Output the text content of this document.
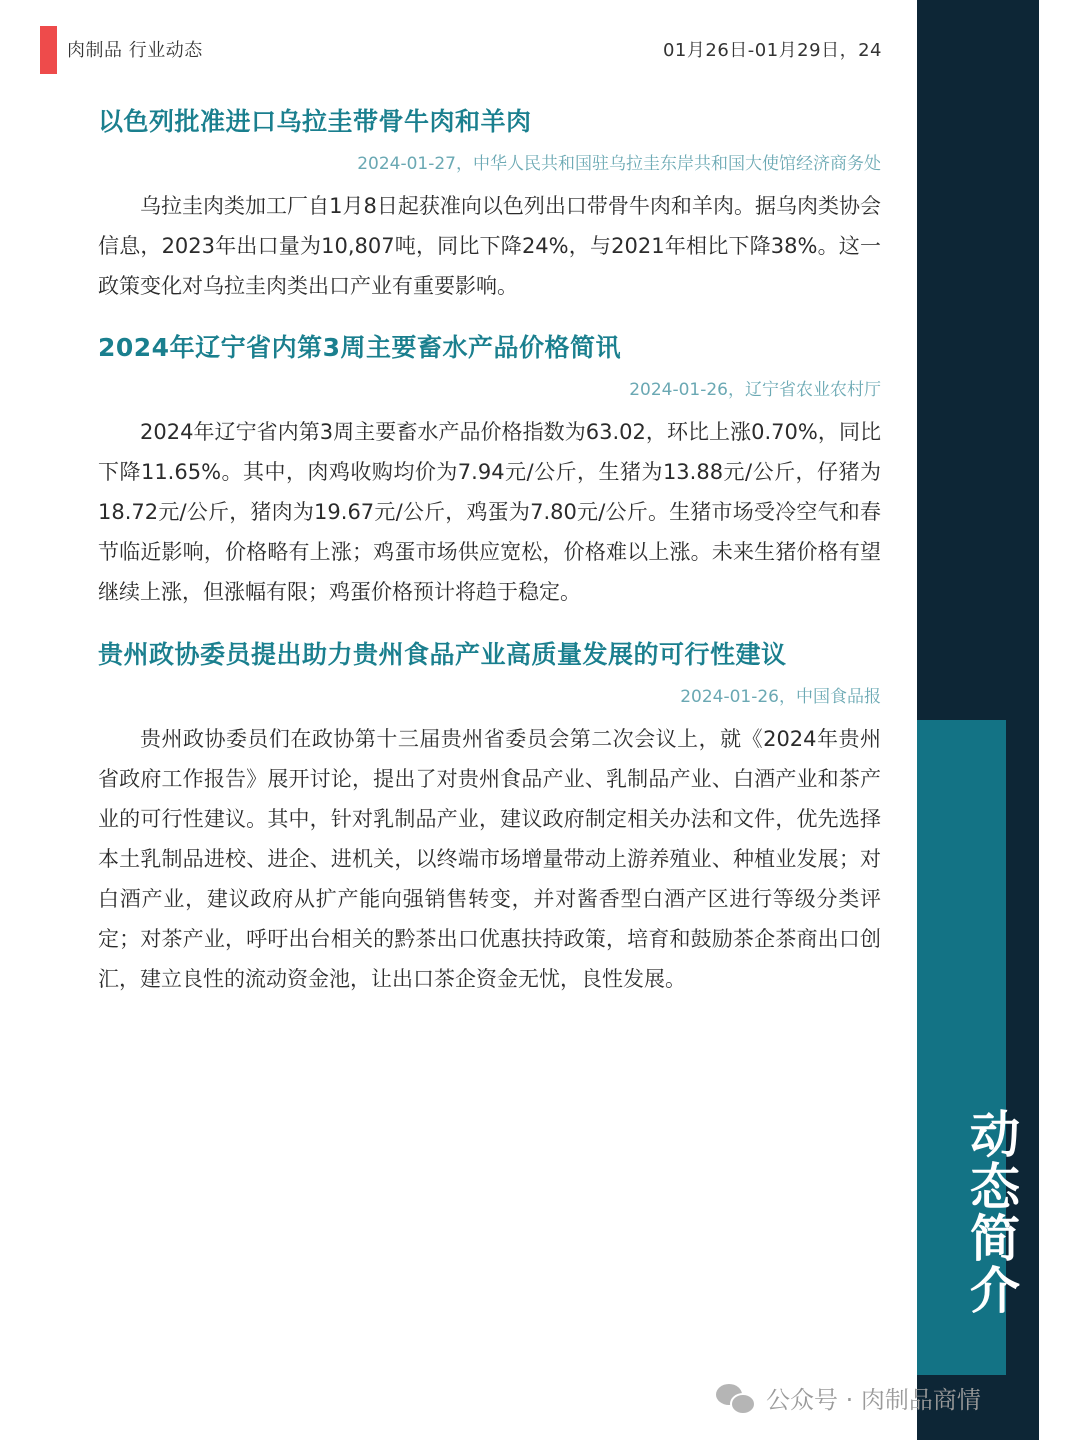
肉制品 行业动态	01月26日-01月29日，24
动态简介
以色列批准进口乌拉圭带骨牛肉和羊肉
2024-01-27，中华人民共和国驻乌拉圭东岸共和国大使馆经济商务处
乌拉圭肉类加工厂自1月8日起获准向以色列出口带骨牛肉和羊肉。据乌肉类协会信息，2023年出口量为10,807吨，同比下降24%，与2021年相比下降38%。这一政策变化对乌拉圭肉类出口产业有重要影响。
2024年辽宁省内第3周主要畜水产品价格简讯
2024-01-26，辽宁省农业农村厅
2024年辽宁省内第3周主要畜水产品价格指数为63.02，环比上涨0.70%，同比下降11.65%。其中，肉鸡收购均价为7.94元/公斤，生猪为13.88元/公斤，仔猪为18.72元/公斤，猪肉为19.67元/公斤，鸡蛋为7.80元/公斤。生猪市场受冷空气和春节临近影响，价格略有上涨；鸡蛋市场供应宽松，价格难以上涨。未来生猪价格有望继续上涨，但涨幅有限；鸡蛋价格预计将趋于稳定。
贵州政协委员提出助力贵州食品产业高质量发展的可行性建议
2024-01-26，中国食品报
贵州政协委员们在政协第十三届贵州省委员会第二次会议上，就《2024年贵州省政府工作报告》展开讨论，提出了对贵州食品产业、乳制品产业、白酒产业和茶产业的可行性建议。其中，针对乳制品产业，建议政府制定相关办法和文件，优先选择本土乳制品进校、进企、进机关，以终端市场增量带动上游养殖业、种植业发展；对白酒产业，建议政府从扩产能向强销售转变，并对酱香型白酒产区进行等级分类评定；对茶产业，呼吁出台相关的黔茶出口优惠扶持政策，培育和鼓励茶企茶商出口创汇，建立良性的流动资金池，让出口茶企资金无忧，良性发展。
公众号 · 肉制品商情
